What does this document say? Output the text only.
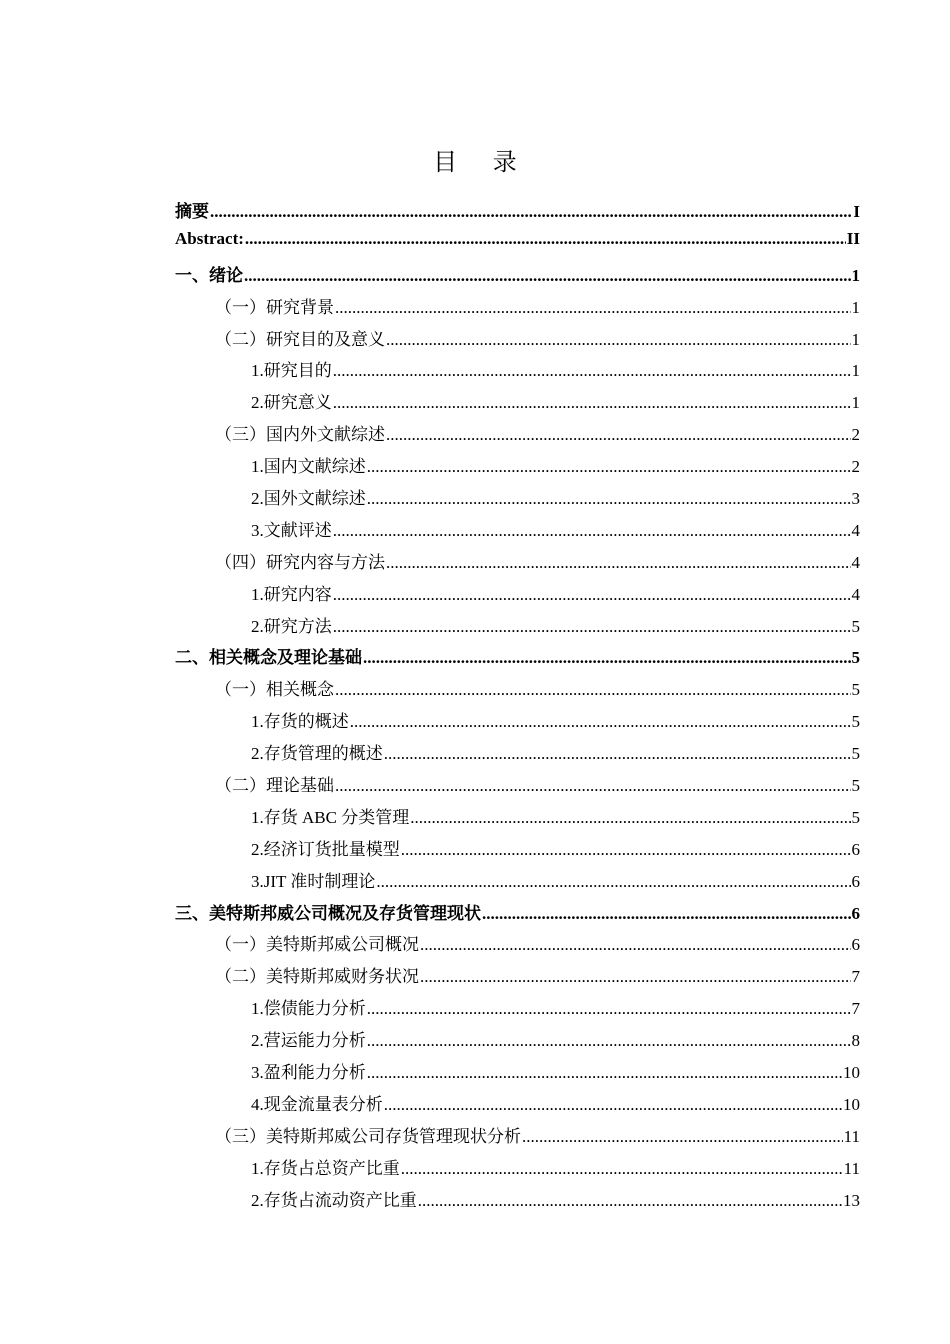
目 录
摘要 .....	I
Abstract: .....	II
一、绪论 .....	1
（一）研究背景 .....	1
（二）研究目的及意义 .....	1
1.研究目的 .....	1
2.研究意义 .....	1
（三）国内外文献综述 .....	2
1.国内文献综述 .....	2
2.国外文献综述 .....	3
3.文献评述 .....	4
（四）研究内容与方法 .....	4
1.研究内容 .....	4
2.研究方法 .....	5
二、相关概念及理论基础 .....	5
（一）相关概念 .....	5
1.存货的概述 .....	5
2.存货管理的概述 .....	5
（二）理论基础 .....	5
1.存货 ABC 分类管理 .....	5
2.经济订货批量模型 .....	6
3.JIT 准时制理论 .....	6
三、美特斯邦威公司概况及存货管理现状 .....	6
（一）美特斯邦威公司概况 .....	6
（二）美特斯邦威财务状况 .....	7
1.偿债能力分析 .....	7
2.营运能力分析 .....	8
3.盈利能力分析 .....	10
4.现金流量表分析 .....	10
（三）美特斯邦威公司存货管理现状分析 .....	11
1.存货占总资产比重 .....	11
2.存货占流动资产比重 .....	13
